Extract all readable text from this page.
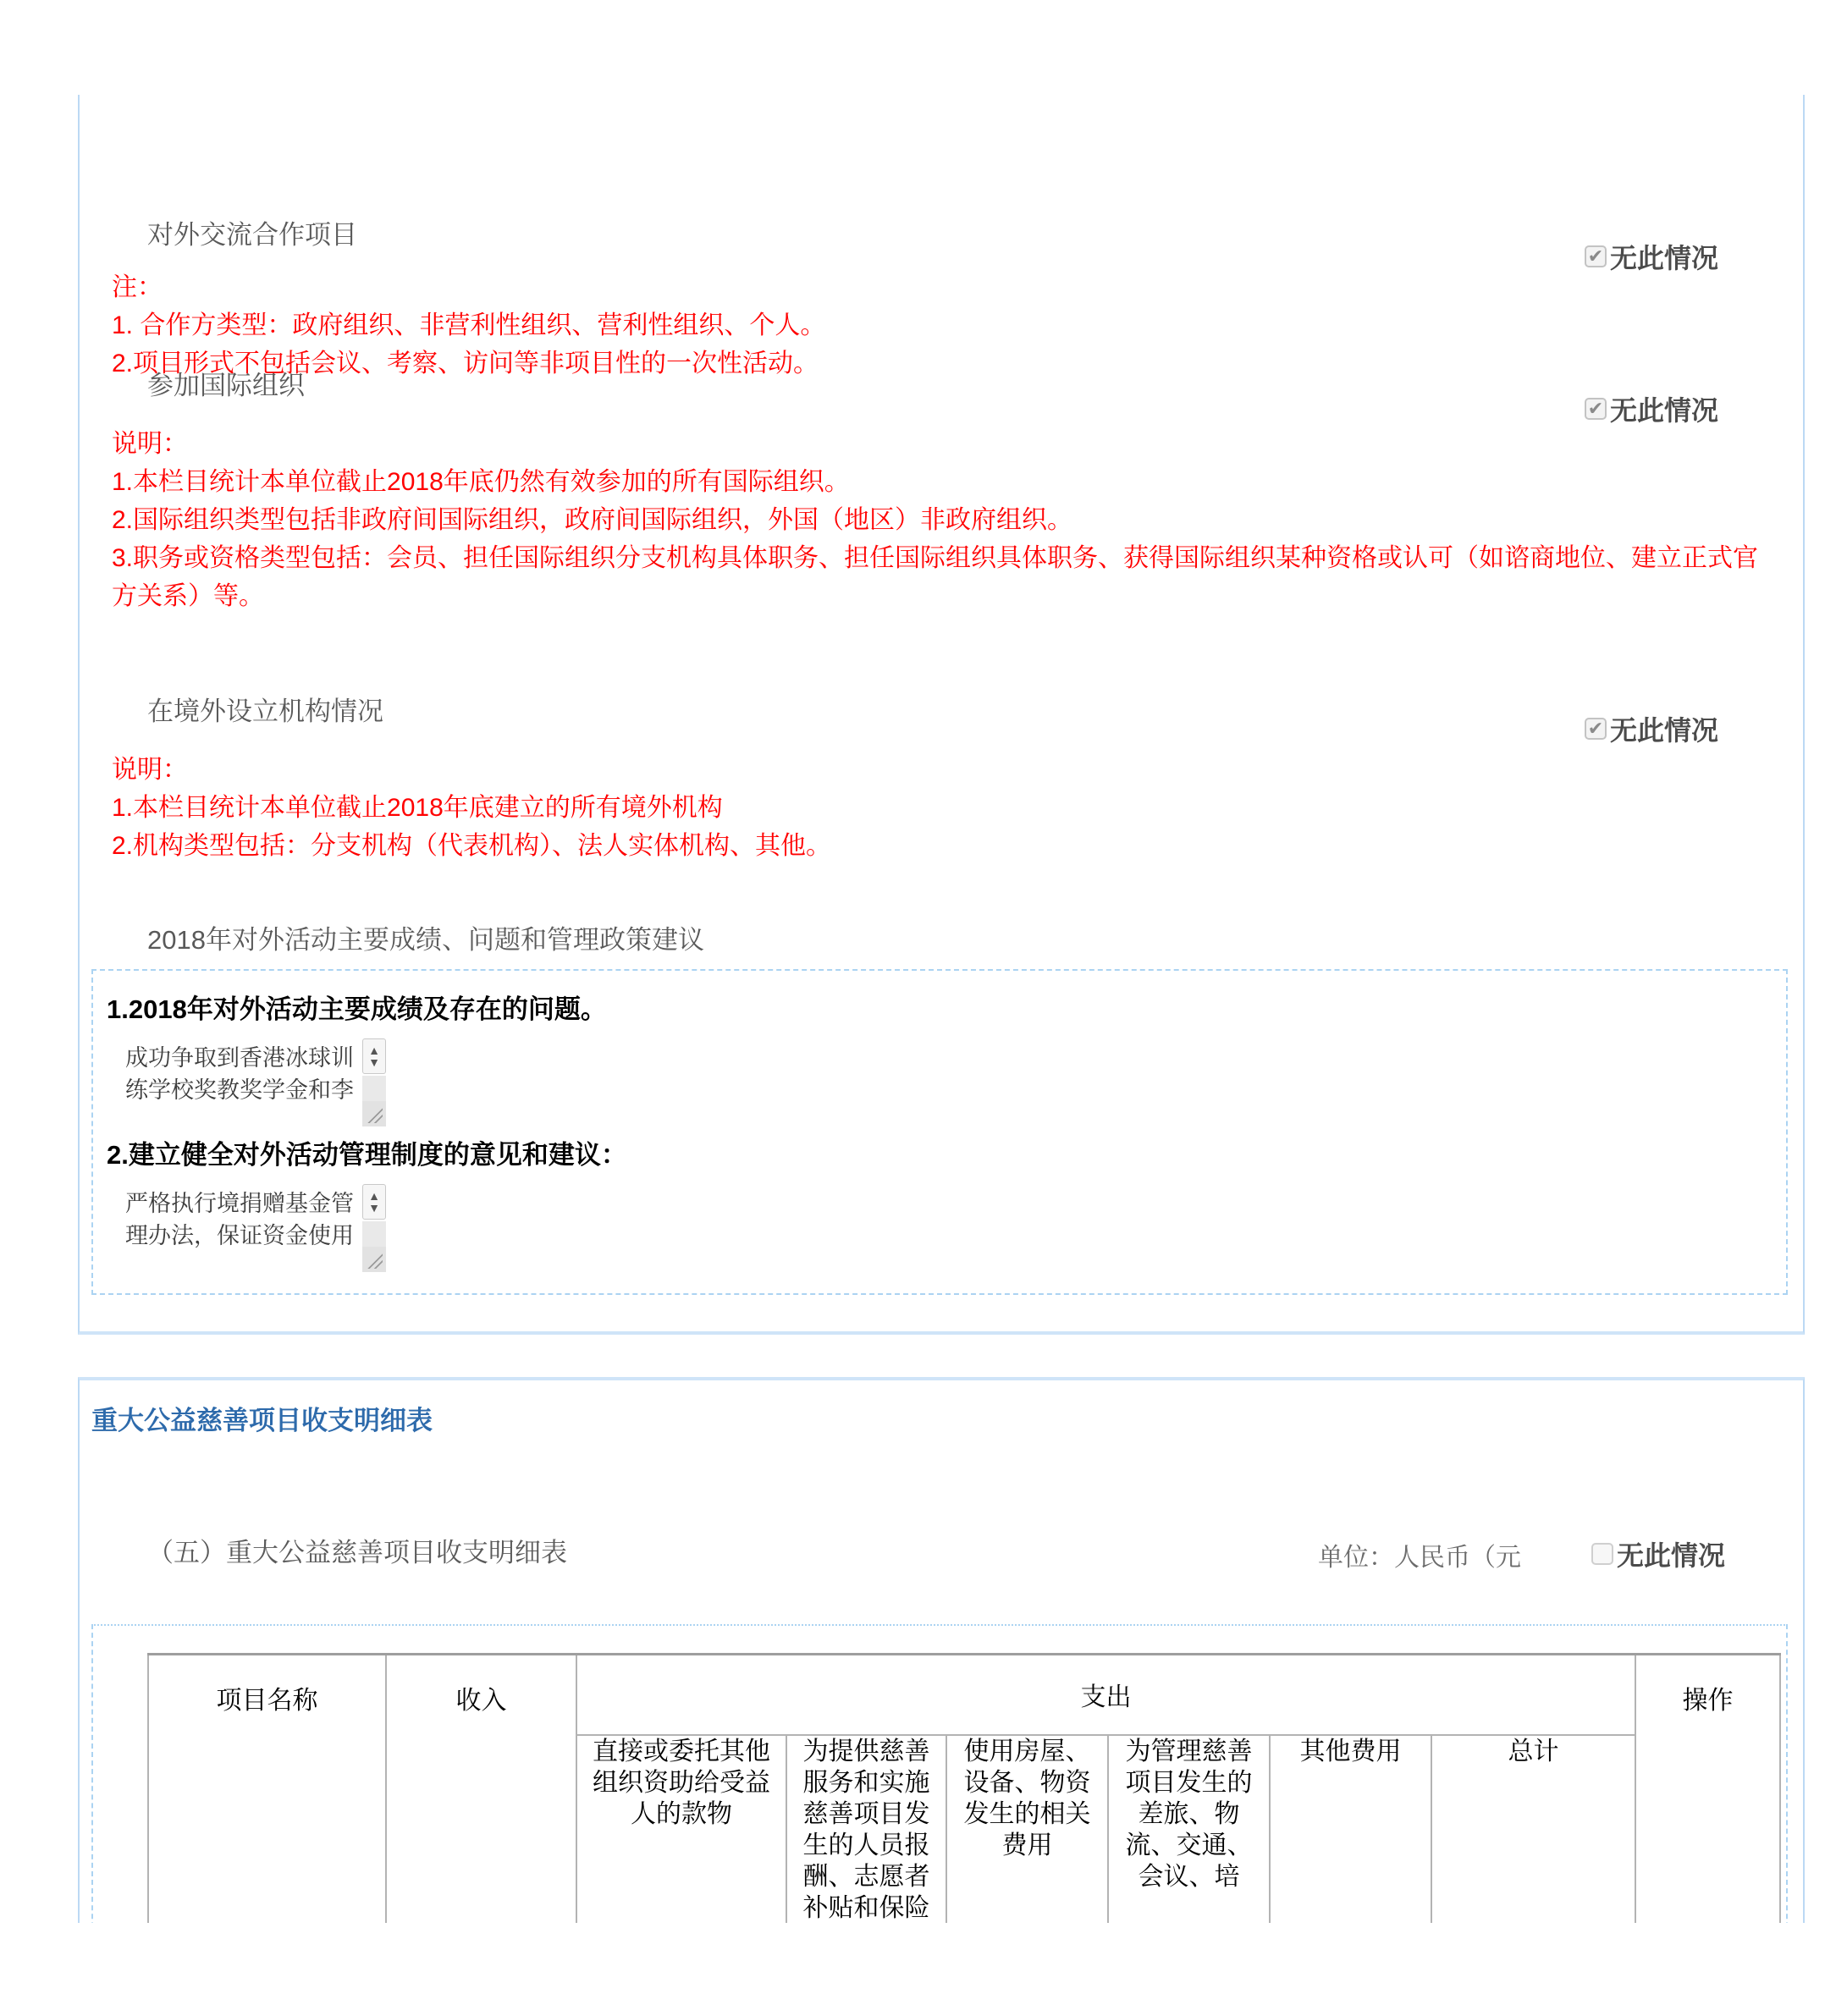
对外交流合作项目
✔ 无此情况
注：
1. 合作方类型：政府组织、非营利性组织、营利性组织、个人。
2.项目形式不包括会议、考察、访问等非项目性的一次性活动。
参加国际组织
✔ 无此情况
说明：
1.本栏目统计本单位截止2018年底仍然有效参加的所有国际组织。
2.国际组织类型包括非政府间国际组织，政府间国际组织，外国（地区）非政府组织。
3.职务或资格类型包括：会员、担任国际组织分支机构具体职务、担任国际组织具体职务、获得国际组织某种资格或认可（如谘商地位、建立正式官方关系）等。
在境外设立机构情况
✔ 无此情况
说明：
1.本栏目统计本单位截止2018年底建立的所有境外机构
2.机构类型包括：分支机构（代表机构）、法人实体机构、其他。
2018年对外活动主要成绩、问题和管理政策建议
1.2018年对外活动主要成绩及存在的问题。
成功争取到香港冰球训练学校奖教奖学金和李
▲
▼
2.建立健全对外活动管理制度的意见和建议：
严格执行境捐赠基金管理办法，保证资金使用
▲
▼
重大公益慈善项目收支明细表
（五）重大公益慈善项目收支明细表	单位：人民币（元	无此情况
项目名称	收入	支出						操作
		直接或委托其他组织资助给受益人的款物	为提供慈善服务和实施慈善项目发生的人员报酬、志愿者补贴和保险	使用房屋、设备、物资发生的相关费用	为管理慈善项目发生的差旅、物流、交通、会议、培	其他费用	总计	
